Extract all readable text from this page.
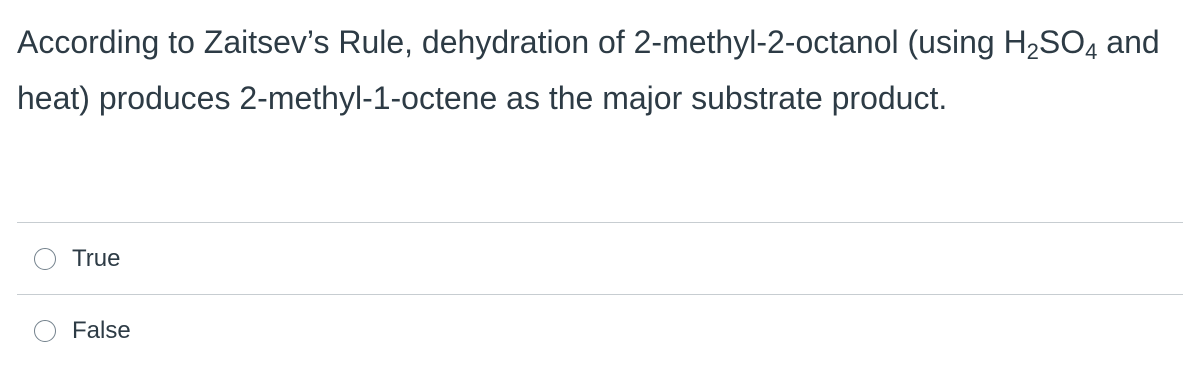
According to Zaitsev’s Rule, dehydration of 2-methyl-2-octanol (using $H_2SO_4$ and heat) produces 2-methyl-1-octene as the major substrate product.
True
False
